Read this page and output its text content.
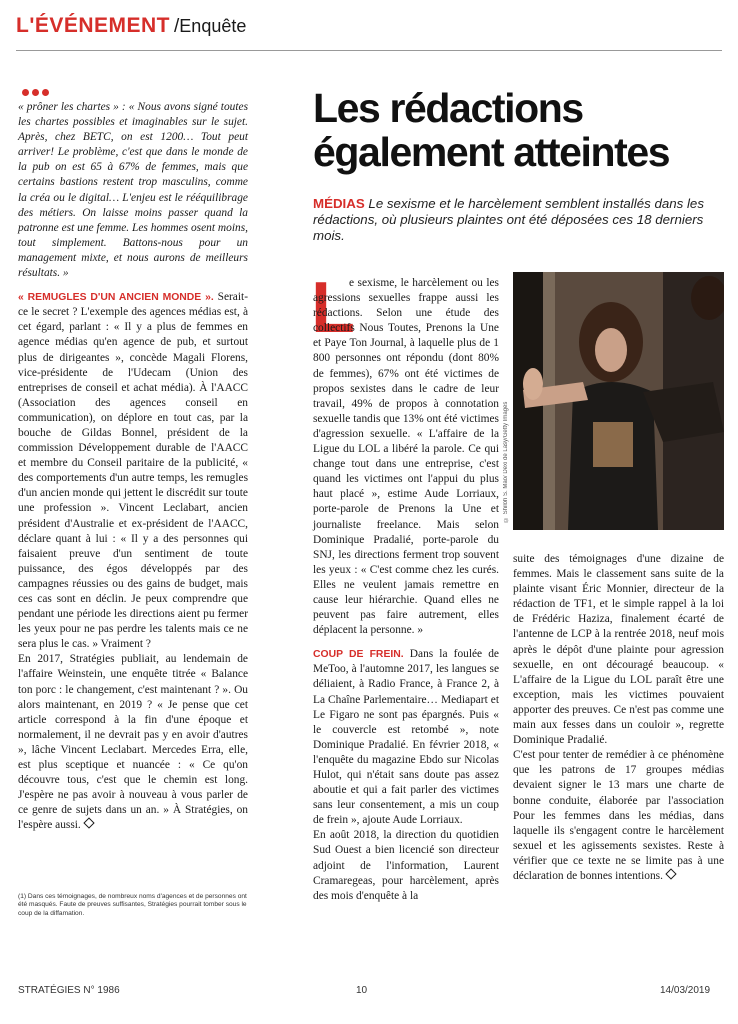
L'ÉVÉNEMENT /Enquête

« prôner les chartes » : « Nous avons signé toutes les chartes possibles et imaginables sur le sujet. Après, chez BETC, on est 1200… Tout peut arriver! Le problème, c'est que dans le monde de la pub on est 65 à 67% de femmes, mais que certains bastions restent trop masculins, comme la créa ou le digital… L'enjeu est le rééquilibrage des métiers. On laisse moins passer quand la patronne est une femme. Les hommes osent moins, tout simplement. Battons-nous pour un management mixte, et nous aurons de meilleurs résultats. »

« REMUGLES D'UN ANCIEN MONDE ». Serait-ce le secret ? L'exemple des agences médias est, à cet égard, parlant : « Il y a plus de femmes en agence médias qu'en agence de pub, et surtout plus de dirigeantes », concède Magali Florens, vice-présidente de l'Udecam (Union des entreprises de conseil et achat média). À l'AACC (Association des agences conseil en communication), on déplore en tout cas, par la bouche de Gildas Bonnel, président de la commission Développement durable de l'AACC et membre du Conseil paritaire de la publicité, « des comportements d'un autre temps, les remugles d'un ancien monde qui jettent le discrédit sur toute une profession ». Vincent Leclabart, ancien président d'Australie et ex-président de l'AACC, déclare quant à lui : « Il y a des personnes qui faisaient preuve d'un sentiment de toute puissance, des égos développés par des campagnes réussies ou des gains de budget, mais ces cas sont en déclin. Je peux comprendre que pendant une période les directions aient pu fermer les yeux pour ne pas perdre les talents mais ce ne sera plus le cas. » Vraiment ?

En 2017, Stratégies publiait, au lendemain de l'affaire Weinstein, une enquête titrée « Balance ton porc : le changement, c'est maintenant ? ». Ou alors maintenant, en 2019 ? « Je pense que cet article correspond à la fin d'une époque et normalement, il ne devrait pas y en avoir d'autres », lâche Vincent Leclabart. Mercedes Erra, elle, est plus sceptique et nuancée : « Ce qu'on découvre tous, c'est que le chemin est long. J'espère ne pas avoir à nouveau à vous parler de ce genre de sujets dans un an. » À Stratégies, on l'espère aussi.

(1) Dans ces témoignages, de nombreux noms d'agences et de personnes ont été masqués. Faute de preuves suffisantes, Stratégies pourrait tomber sous le coup de la diffamation.
Les rédactions
également atteintes
MÉDIAS Le sexisme et le harcèlement semblent installés dans les rédactions, où plusieurs plaintes ont été déposées ces 18 derniers mois.
© Shiloh S. Mao/ Dexi de Lasy/Getty Images
L

e sexisme, le harcèlement ou les agressions sexuelles frappe aussi les rédactions. Selon une étude des collectifs Nous Toutes, Prenons la Une et Paye Ton Journal, à laquelle plus de 1 800 personnes ont répondu (dont 80% de femmes), 67% ont été victimes de propos sexistes dans le cadre de leur travail, 49% de propos à connotation sexuelle tandis que 13% ont été victimes d'agression sexuelle. « L'affaire de la Ligue du LOL a libéré la parole. Ce qui change tout dans une entreprise, c'est quand les victimes ont l'appui du plus haut placé », estime Aude Lorriaux, porte-parole de Prenons la Une et journaliste freelance. Mais selon Dominique Pradalié, porte-parole du SNJ, les directions ferment trop souvent les yeux : « C'est comme chez les curés. Elles ne veulent jamais remettre en cause leur hiérarchie. Quand elles ne peuvent pas faire autrement, elles déplacent la personne. »

COUP DE FREIN. Dans la foulée de MeToo, à l'automne 2017, les langues se déliaient, à Radio France, à France 2, à La Chaîne Parlementaire… Mediapart et Le Figaro ne sont pas épargnés. Puis « le couvercle est retombé », note Dominique Pradalié. En février 2018, « l'enquête du magazine Ebdo sur Nicolas Hulot, qui n'était sans doute pas assez aboutie et qui a fait parler des victimes sans leur consentement, a mis un coup de frein », ajoute Aude Lorriaux.

En août 2018, la direction du quotidien Sud Ouest a bien licencié son directeur adjoint de l'information, Laurent Cramaregeas, pour harcèlement, après des mois d'enquête à la

suite des témoignages d'une dizaine de femmes. Mais le classement sans suite de la plainte visant Éric Monnier, directeur de la rédaction de TF1, et le simple rappel à la loi de Frédéric Haziza, finalement écarté de l'antenne de LCP à la rentrée 2018, neuf mois après le dépôt d'une plainte pour agression sexuelle, en ont découragé beaucoup. « L'affaire de la Ligue du LOL paraît être une exception, mais les victimes pouvaient apporter des preuves. Ce n'est pas comme une main aux fesses dans un couloir », regrette Dominique Pradalié.

C'est pour tenter de remédier à ce phénomène que les patrons de 17 groupes médias devaient signer le 13 mars une charte de bonne conduite, élaborée par l'association Pour les femmes dans les médias, dans laquelle ils s'engagent contre le harcèlement sexuel et les agissements sexistes. Reste à vérifier que ce texte ne se limite pas à une déclaration de bonnes intentions.

STRATÉGIES N° 1986	10	14/03/2019
